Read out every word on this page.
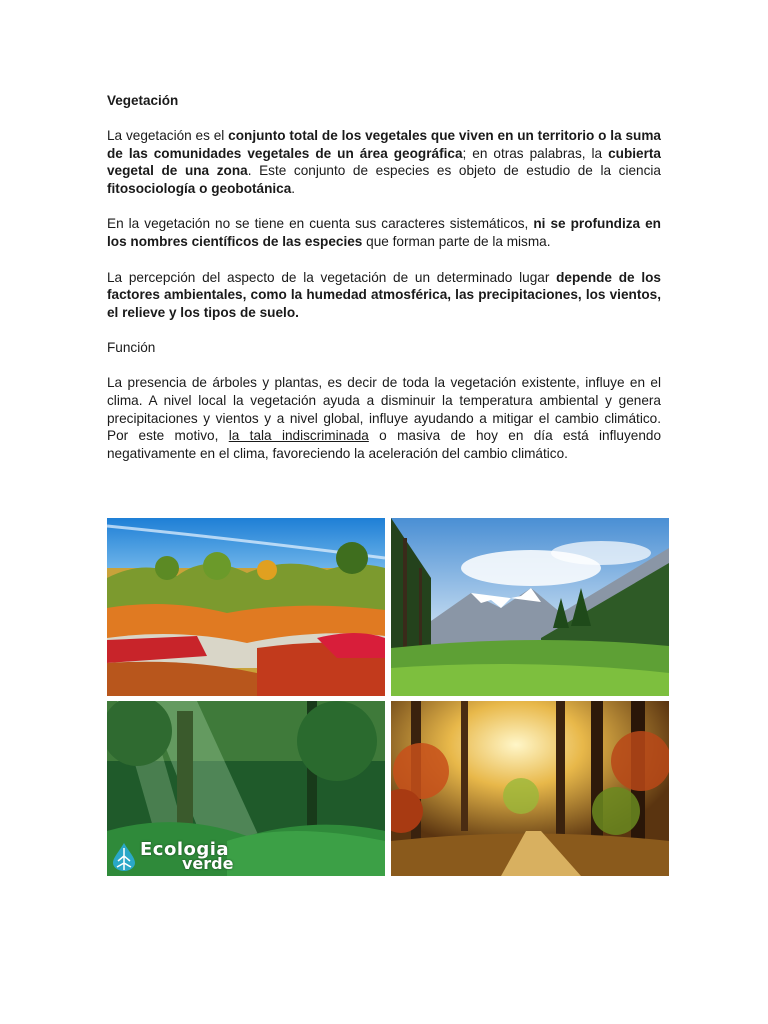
Vegetación

La vegetación es el conjunto total de los vegetales que viven en un territorio o la suma de las comunidades vegetales de un área geográfica; en otras palabras, la cubierta vegetal de una zona. Este conjunto de especies es objeto de estudio de la ciencia fitosociología o geobotánica.

En la vegetación no se tiene en cuenta sus caracteres sistemáticos, ni se profundiza en los nombres científicos de las especies que forman parte de la misma.

La percepción del aspecto de la vegetación de un determinado lugar depende de los factores ambientales, como la humedad atmosférica, las precipitaciones, los vientos, el relieve y los tipos de suelo.

Función

La presencia de árboles y plantas, es decir de toda la vegetación existente, influye en el clima. A nivel local la vegetación ayuda a disminuir la temperatura ambiental y genera precipitaciones y vientos y a nivel global, influye ayudando a mitigar el cambio climático. Por este motivo, la tala indiscriminada o masiva de hoy en día está influyendo negativamente en el clima, favoreciendo la aceleración del cambio climático.

Ecologia
verde
